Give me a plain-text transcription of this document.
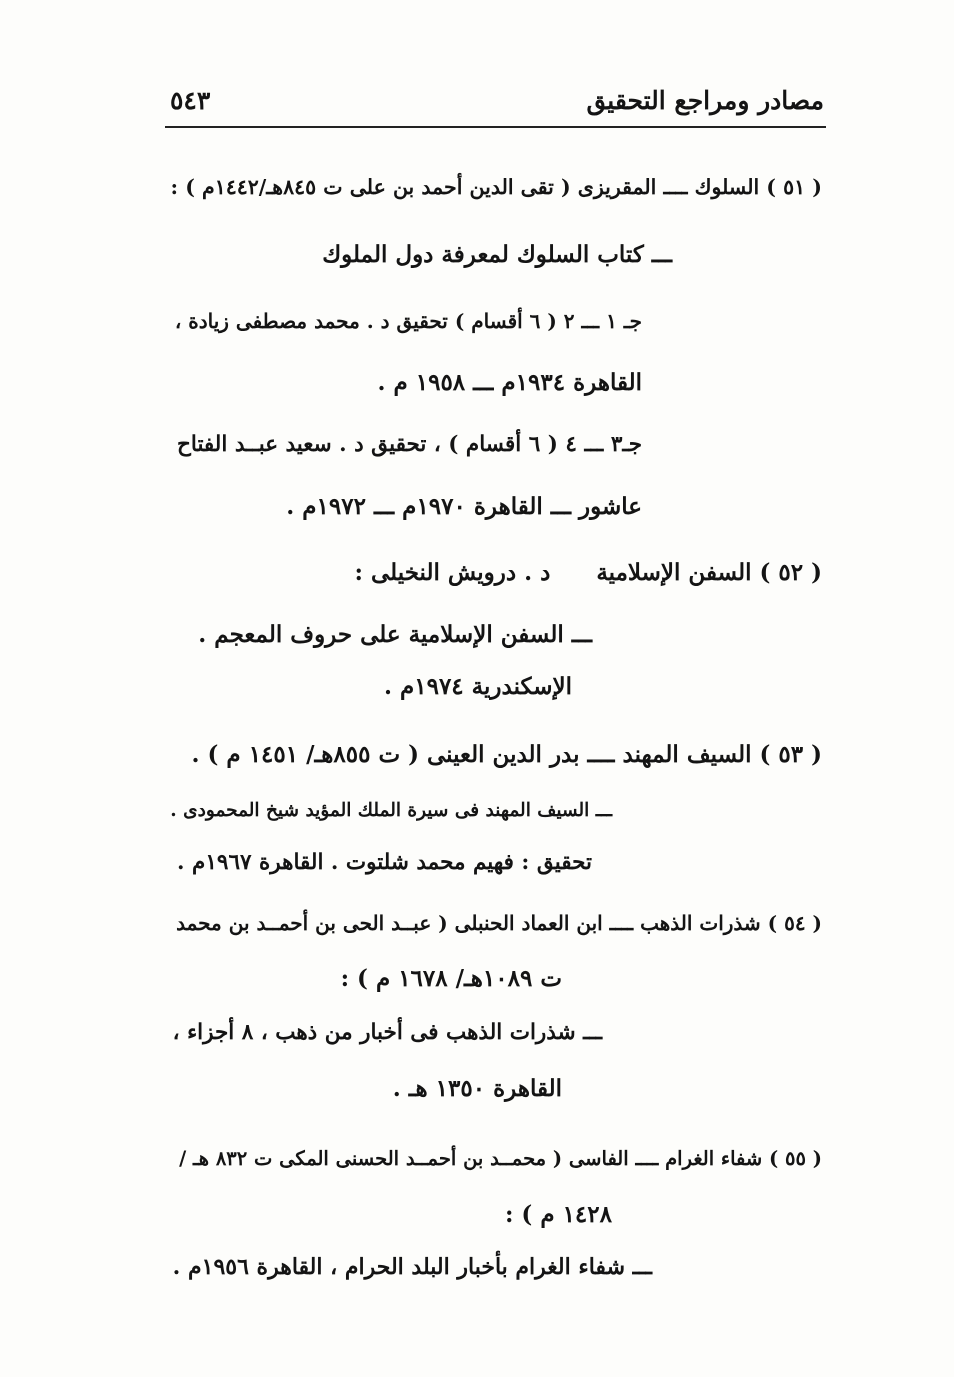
مصادر ومراجع التحقيق
٥٤٣
( ٥١ ) السلوك ــــ المقريزى ( تقى الدين أحمد بن على ت ٨٤٥هـ/١٤٤٢م ) :
ـــ كتاب السلوك لمعرفة دول الملوك
جـ ١ ـــ ٢ ( ٦ أقسام ) تحقيق د . محمد مصطفى زيادة ،
القاهرة ١٩٣٤م ـــ ١٩٥٨ م .
جـ٣ ـــ ٤ ( ٦ أقسام ) ، تحقيق د . سعيد عبــد الفتاح
عاشور ـــ القاهرة ١٩٧٠م ـــ ١٩٧٢م .
( ٥٢ ) السفن الإسلاميةد . درويش النخيلى :
ـــ السفن الإسلامية على حروف المعجم .
الإسكندرية ١٩٧٤م .
( ٥٣ ) السيف المهند ــــ بدر الدين العينى ( ت ٨٥٥هـ/ ١٤٥١ م ) .
ـــ السيف المهند فى سيرة الملك المؤيد شيخ المحمودى .
تحقيق : فهيم محمد شلتوت . القاهرة ١٩٦٧م .
( ٥٤ ) شذرات الذهب ــــ ابن العماد الحنبلى ( عبــد الحى بن أحمــد بن محمد
ت ١٠٨٩هـ/ ١٦٧٨ م ) :
ـــ شذرات الذهب فى أخبار من ذهب ، ٨ أجزاء ،
القاهرة ١٣٥٠ هـ .
( ٥٥ ) شفاء الغرام ــــ الفاسى ( محمــد بن أحمــد الحسنى المكى ت ٨٣٢ هـ /
١٤٢٨ م ) :
ـــ شفاء الغرام بأخبار البلد الحرام ، القاهرة ١٩٥٦م .
